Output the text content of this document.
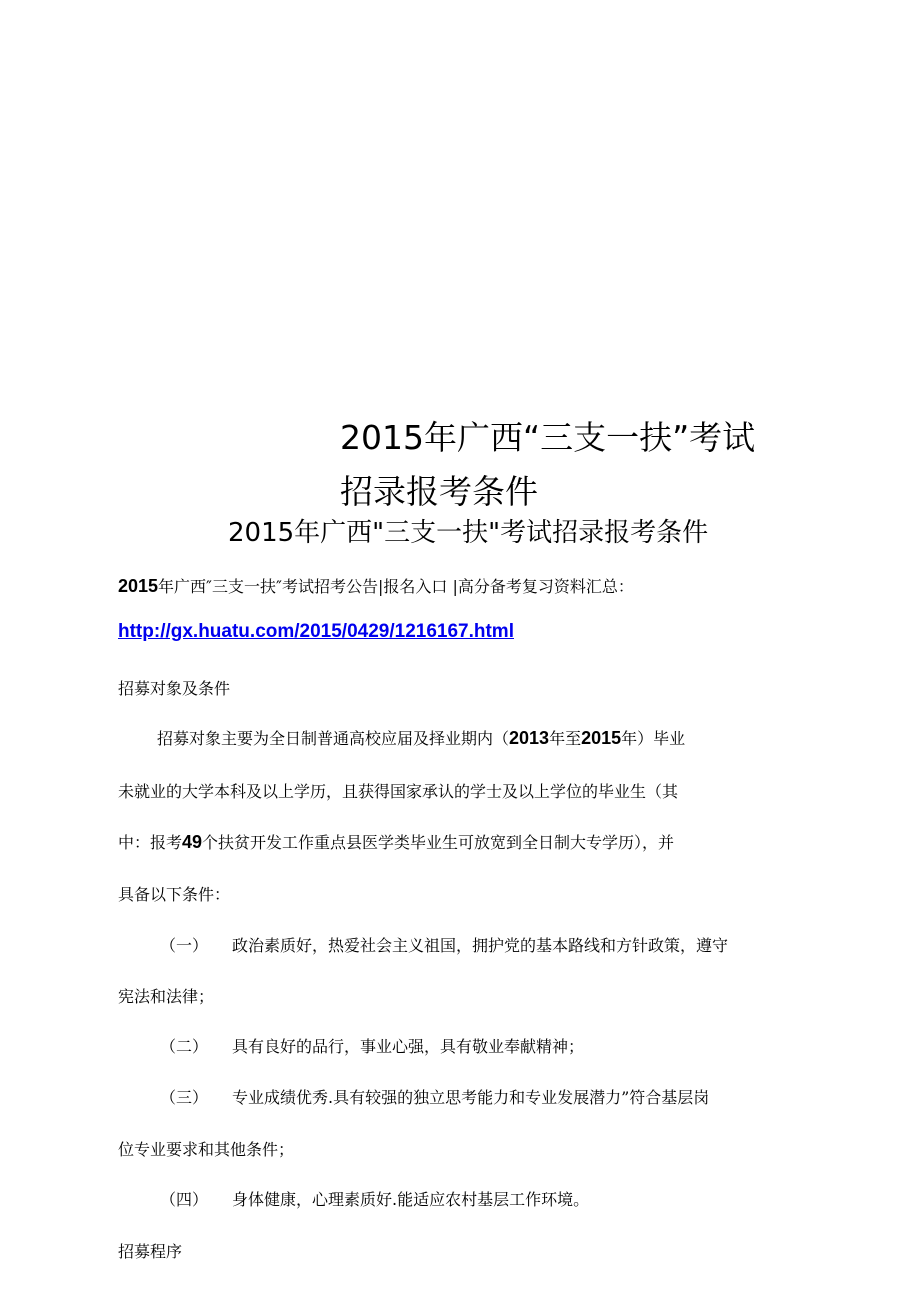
2015年广西“三支一扶”考试
招录报考条件
2015年广西"三支一扶"考试招录报考条件
2015年广西″三支一扶″考试招考公告|报名入口 |高分备考复习资料汇总：
http://gx.huatu.com/2015/0429/1216167.html
招募对象及条件
招募对象主要为全日制普通高校应届及择业期内（2013年至2015年）毕业
未就业的大学本科及以上学历，且获得国家承认的学士及以上学位的毕业生（其
中：报考49个扶贫开发工作重点县医学类毕业生可放宽到全日制大专学历），并
具备以下条件：
（一） 政治素质好，热爱社会主义祖国，拥护党的基本路线和方针政策，遵守
宪法和法律；
（二） 具有良好的品行，事业心强，具有敬业奉献精神；
（三） 专业成绩优秀.具有较强的独立思考能力和专业发展潜力”符合基层岗
位专业要求和其他条件；
（四） 身体健康，心理素质好.能适应农村基层工作环境。
招募程序
